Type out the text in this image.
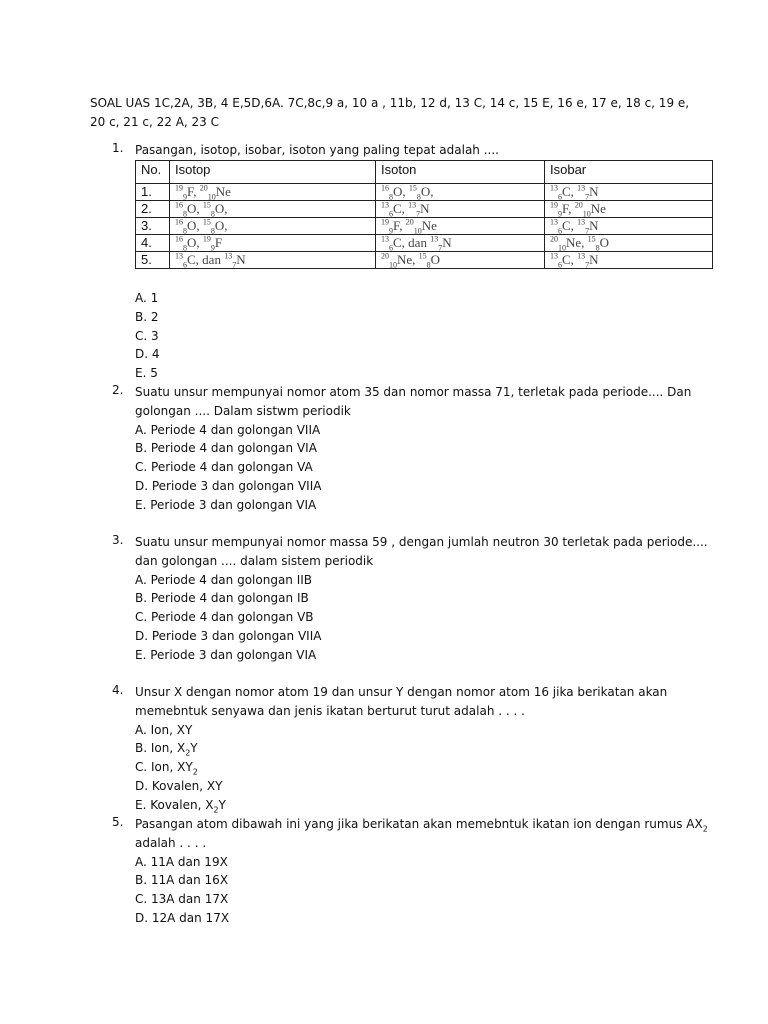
SOAL UAS 1C,2A, 3B, 4 E,5D,6A. 7C,8c,9 a, 10 a , 11b, 12 d, 13 C, 14 c, 15 E, 16 e, 17 e, 18 c, 19 e, 20 c, 21 c, 22 A, 23 C
1. Pasangan, isotop, isobar, isoton yang paling tepat adalah ....
No.	Isotop	Isoton	Isobar
1.	$^{19}_9$F, $^{20}_{10}$Ne	$^{16}_8$O, $^{15}_8$O,	$^{13}_6$C, $^{13}_7$N
2.	$^{16}_8$O, $^{15}_8$O,	$^{13}_6$C, $^{13}_7$N	$^{19}_9$F, $^{20}_{10}$Ne
3.	$^{16}_8$O, $^{15}_8$O,	$^{19}_9$F, $^{20}_{10}$Ne	$^{13}_6$C, $^{13}_7$N
4.	$^{16}_8$O, $^{19}_9$F	$^{13}_6$C, dan $^{13}_7$N	$^{20}_{10}$Ne, $^{15}_8$O
5.	$^{13}_6$C, dan $^{13}_7$N	$^{20}_{10}$Ne, $^{15}_8$O	$^{13}_6$C, $^{13}_7$N
A. 1
B. 2
C. 3
D. 4
E. 5
2. Suatu unsur mempunyai nomor atom 35 dan nomor massa 71, terletak pada periode.... Dan
golongan .... Dalam sistwm periodik
A. Periode 4 dan golongan VIIA
B. Periode 4 dan golongan VIA
C. Periode 4 dan golongan VA
D. Periode 3 dan golongan VIIA
E. Periode 3 dan golongan VIA
3. Suatu unsur mempunyai nomor massa 59 , dengan jumlah neutron 30 terletak pada periode....
dan golongan .... dalam sistem periodik
A. Periode 4 dan golongan IIB
B. Periode 4 dan golongan IB
C. Periode 4 dan golongan VB
D. Periode 3 dan golongan VIIA
E. Periode 3 dan golongan VIA
4. Unsur X dengan nomor atom 19 dan unsur Y dengan nomor atom 16 jika berikatan akan
memebntuk senyawa dan jenis ikatan berturut turut adalah . . . .
A. Ion, XY
B. Ion, $X_2Y$
C. Ion, $XY_2$
D. Kovalen, XY
E. Kovalen, $X_2Y$
5. Pasangan atom dibawah ini yang jika berikatan akan memebntuk ikatan ion dengan rumus $AX_2$
adalah . . . .
A. 11A dan 19X
B. 11A dan 16X
C. 13A dan 17X
D. 12A dan 17X
